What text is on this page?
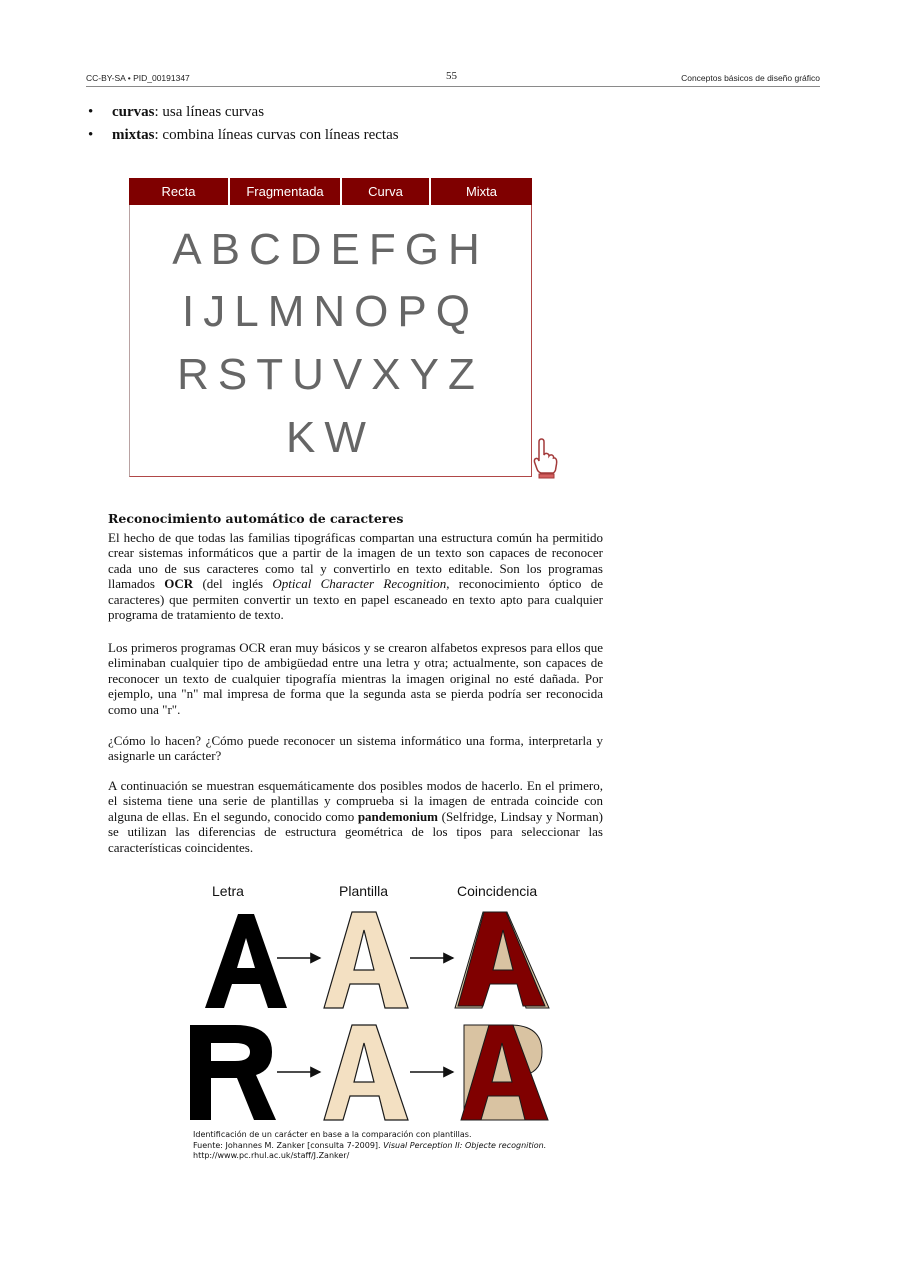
CC-BY-SA • PID_00191347	55	Conceptos básicos de diseño gráfico
• curvas: usa líneas curvas
• mixtas: combina líneas curvas con líneas rectas
Recta	Fragmentada	Curva	Mixta
ABCDEFGH
IJLMNOPQ
RSTUVXYZ
KW
Reconocimiento automático de caracteres

El hecho de que todas las familias tipográficas compartan una estructura común ha permitido crear sistemas informáticos que a partir de la imagen de un texto son capaces de reconocer cada uno de sus caracteres como tal y convertirlo en texto editable. Son los programas llamados OCR (del inglés Optical Character Recognition, reconocimiento óptico de caracteres) que permiten convertir un texto en papel escaneado en texto apto para cualquier programa de tratamiento de texto.

Los primeros programas OCR eran muy básicos y se crearon alfabetos expresos para ellos que eliminaban cualquier tipo de ambigüedad entre una letra y otra; actualmente, son capaces de reconocer un texto de cualquier tipografía mientras la imagen original no esté dañada. Por ejemplo, una "n" mal impresa de forma que la segunda asta se pierda podría ser reconocida como una "r".

¿Cómo lo hacen? ¿Cómo puede reconocer un sistema informático una forma, interpretarla y asignarle un carácter?

A continuación se muestran esquemáticamente dos posibles modos de hacerlo. En el primero, el sistema tiene una serie de plantillas y comprueba si la imagen de entrada coincide con alguna de ellas. En el segundo, conocido como pandemonium (Selfridge, Lindsay y Norman) se utilizan las diferencias de estructura geométrica de los tipos para seleccionar las características coincidentes.

Letra	Plantilla	Coincidencia
Identificación de un carácter en base a la comparación con plantillas.
Fuente: Johannes M. Zanker [consulta 7-2009]. Visual Perception II: Objecte recognition.
http://www.pc.rhul.ac.uk/staff/J.Zanker/
